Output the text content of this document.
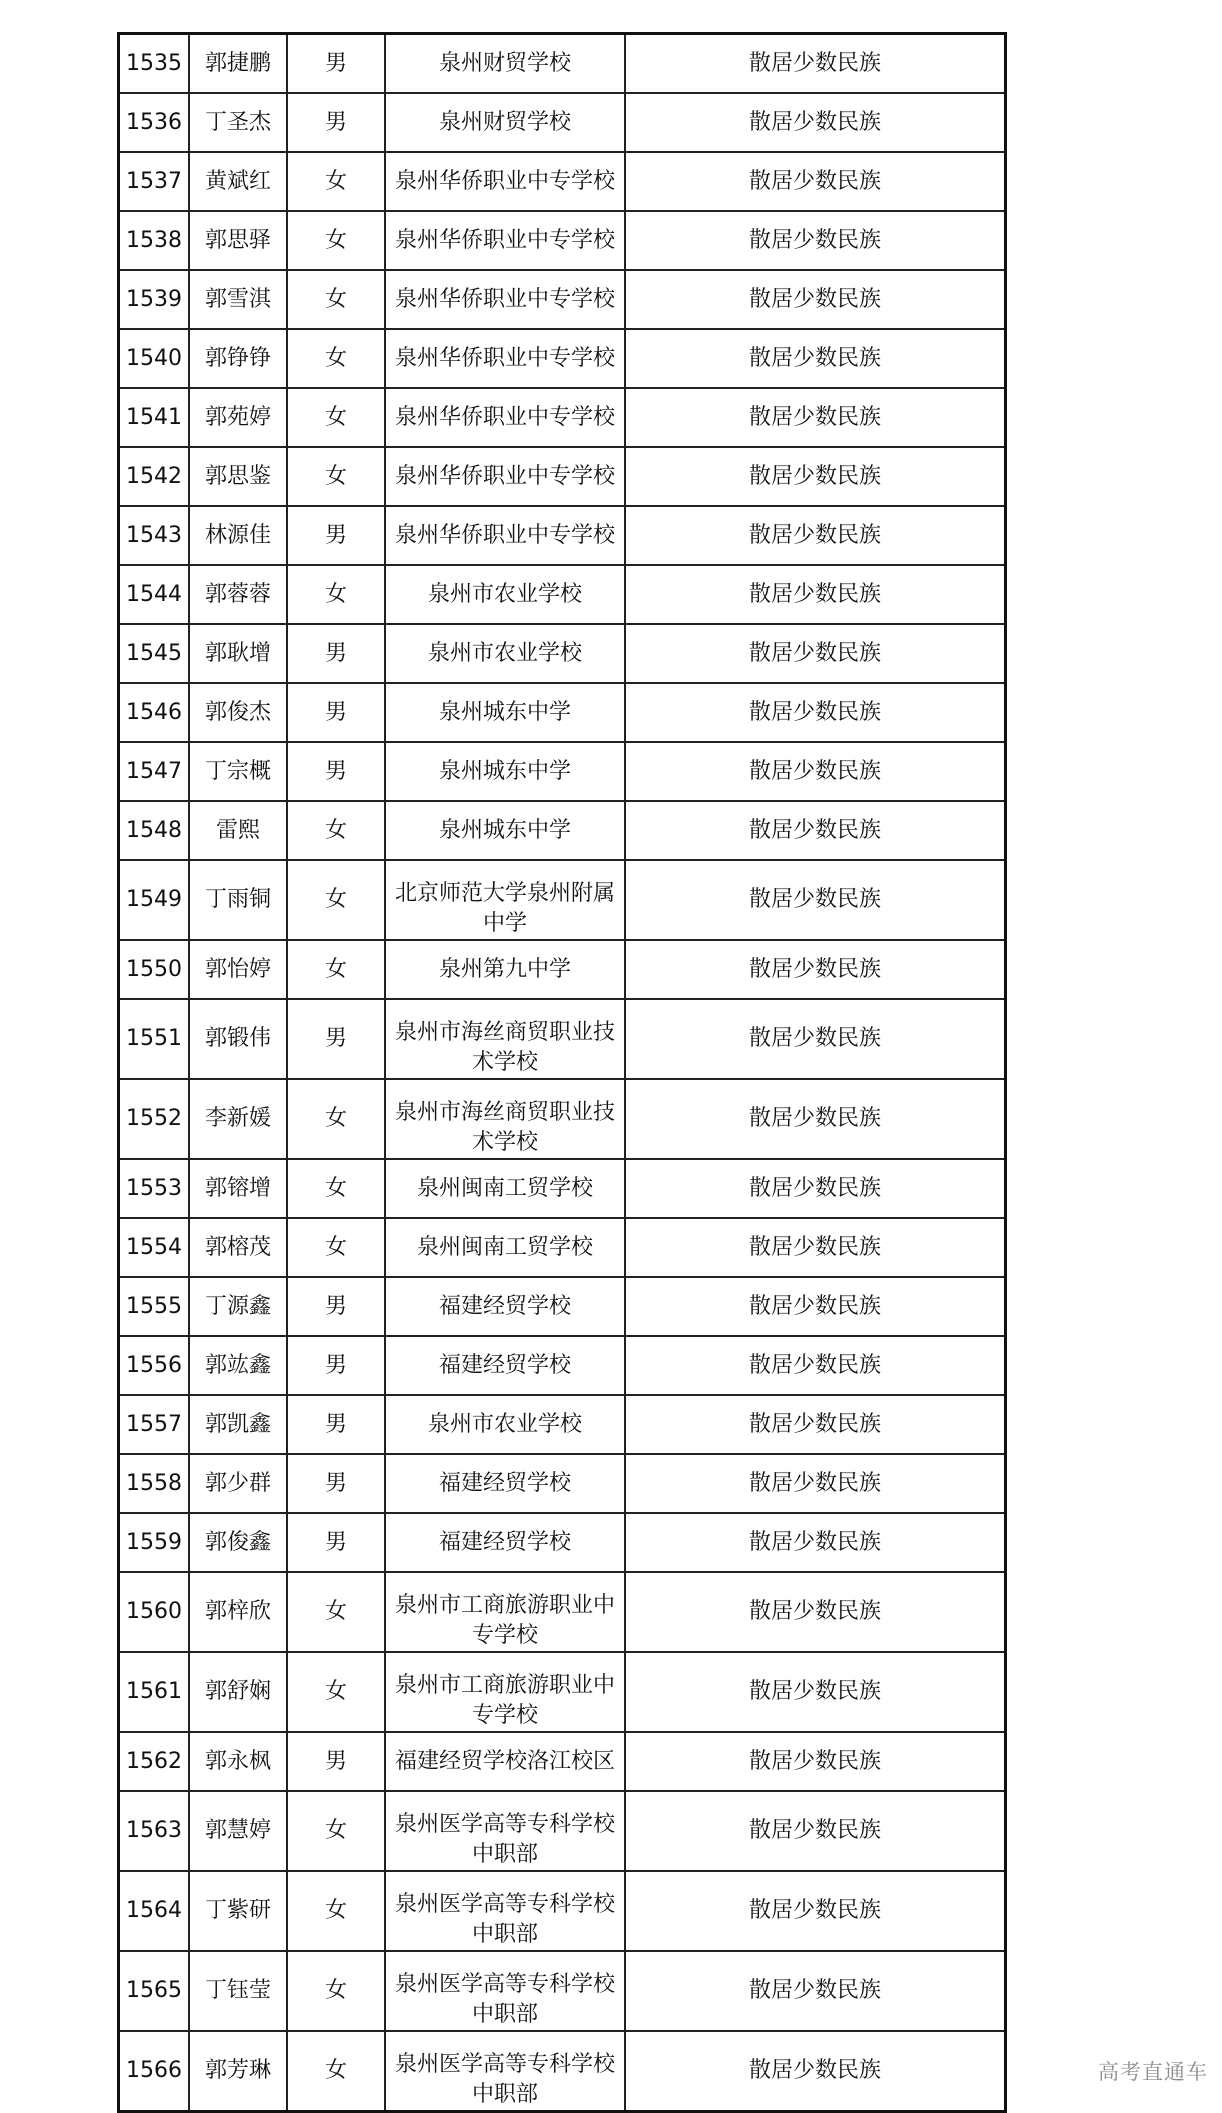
1535	郭捷鹏	男	泉州财贸学校	散居少数民族
1536	丁圣杰	男	泉州财贸学校	散居少数民族
1537	黄斌红	女	泉州华侨职业中专学校	散居少数民族
1538	郭思驿	女	泉州华侨职业中专学校	散居少数民族
1539	郭雪淇	女	泉州华侨职业中专学校	散居少数民族
1540	郭铮铮	女	泉州华侨职业中专学校	散居少数民族
1541	郭苑婷	女	泉州华侨职业中专学校	散居少数民族
1542	郭思鉴	女	泉州华侨职业中专学校	散居少数民族
1543	林源佳	男	泉州华侨职业中专学校	散居少数民族
1544	郭蓉蓉	女	泉州市农业学校	散居少数民族
1545	郭耿增	男	泉州市农业学校	散居少数民族
1546	郭俊杰	男	泉州城东中学	散居少数民族
1547	丁宗概	男	泉州城东中学	散居少数民族
1548	雷熙	女	泉州城东中学	散居少数民族
1549	丁雨铜	女	北京师范大学泉州附属中学	散居少数民族
1550	郭怡婷	女	泉州第九中学	散居少数民族
1551	郭锻伟	男	泉州市海丝商贸职业技术学校	散居少数民族
1552	李新媛	女	泉州市海丝商贸职业技术学校	散居少数民族
1553	郭镕增	女	泉州闽南工贸学校	散居少数民族
1554	郭榕茂	女	泉州闽南工贸学校	散居少数民族
1555	丁源鑫	男	福建经贸学校	散居少数民族
1556	郭竑鑫	男	福建经贸学校	散居少数民族
1557	郭凯鑫	男	泉州市农业学校	散居少数民族
1558	郭少群	男	福建经贸学校	散居少数民族
1559	郭俊鑫	男	福建经贸学校	散居少数民族
1560	郭梓欣	女	泉州市工商旅游职业中专学校	散居少数民族
1561	郭舒娴	女	泉州市工商旅游职业中专学校	散居少数民族
1562	郭永枫	男	福建经贸学校洛江校区	散居少数民族
1563	郭慧婷	女	泉州医学高等专科学校中职部	散居少数民族
1564	丁紫研	女	泉州医学高等专科学校中职部	散居少数民族
1565	丁钰莹	女	泉州医学高等专科学校中职部	散居少数民族
1566	郭芳琳	女	泉州医学高等专科学校中职部	散居少数民族	高考直通车
